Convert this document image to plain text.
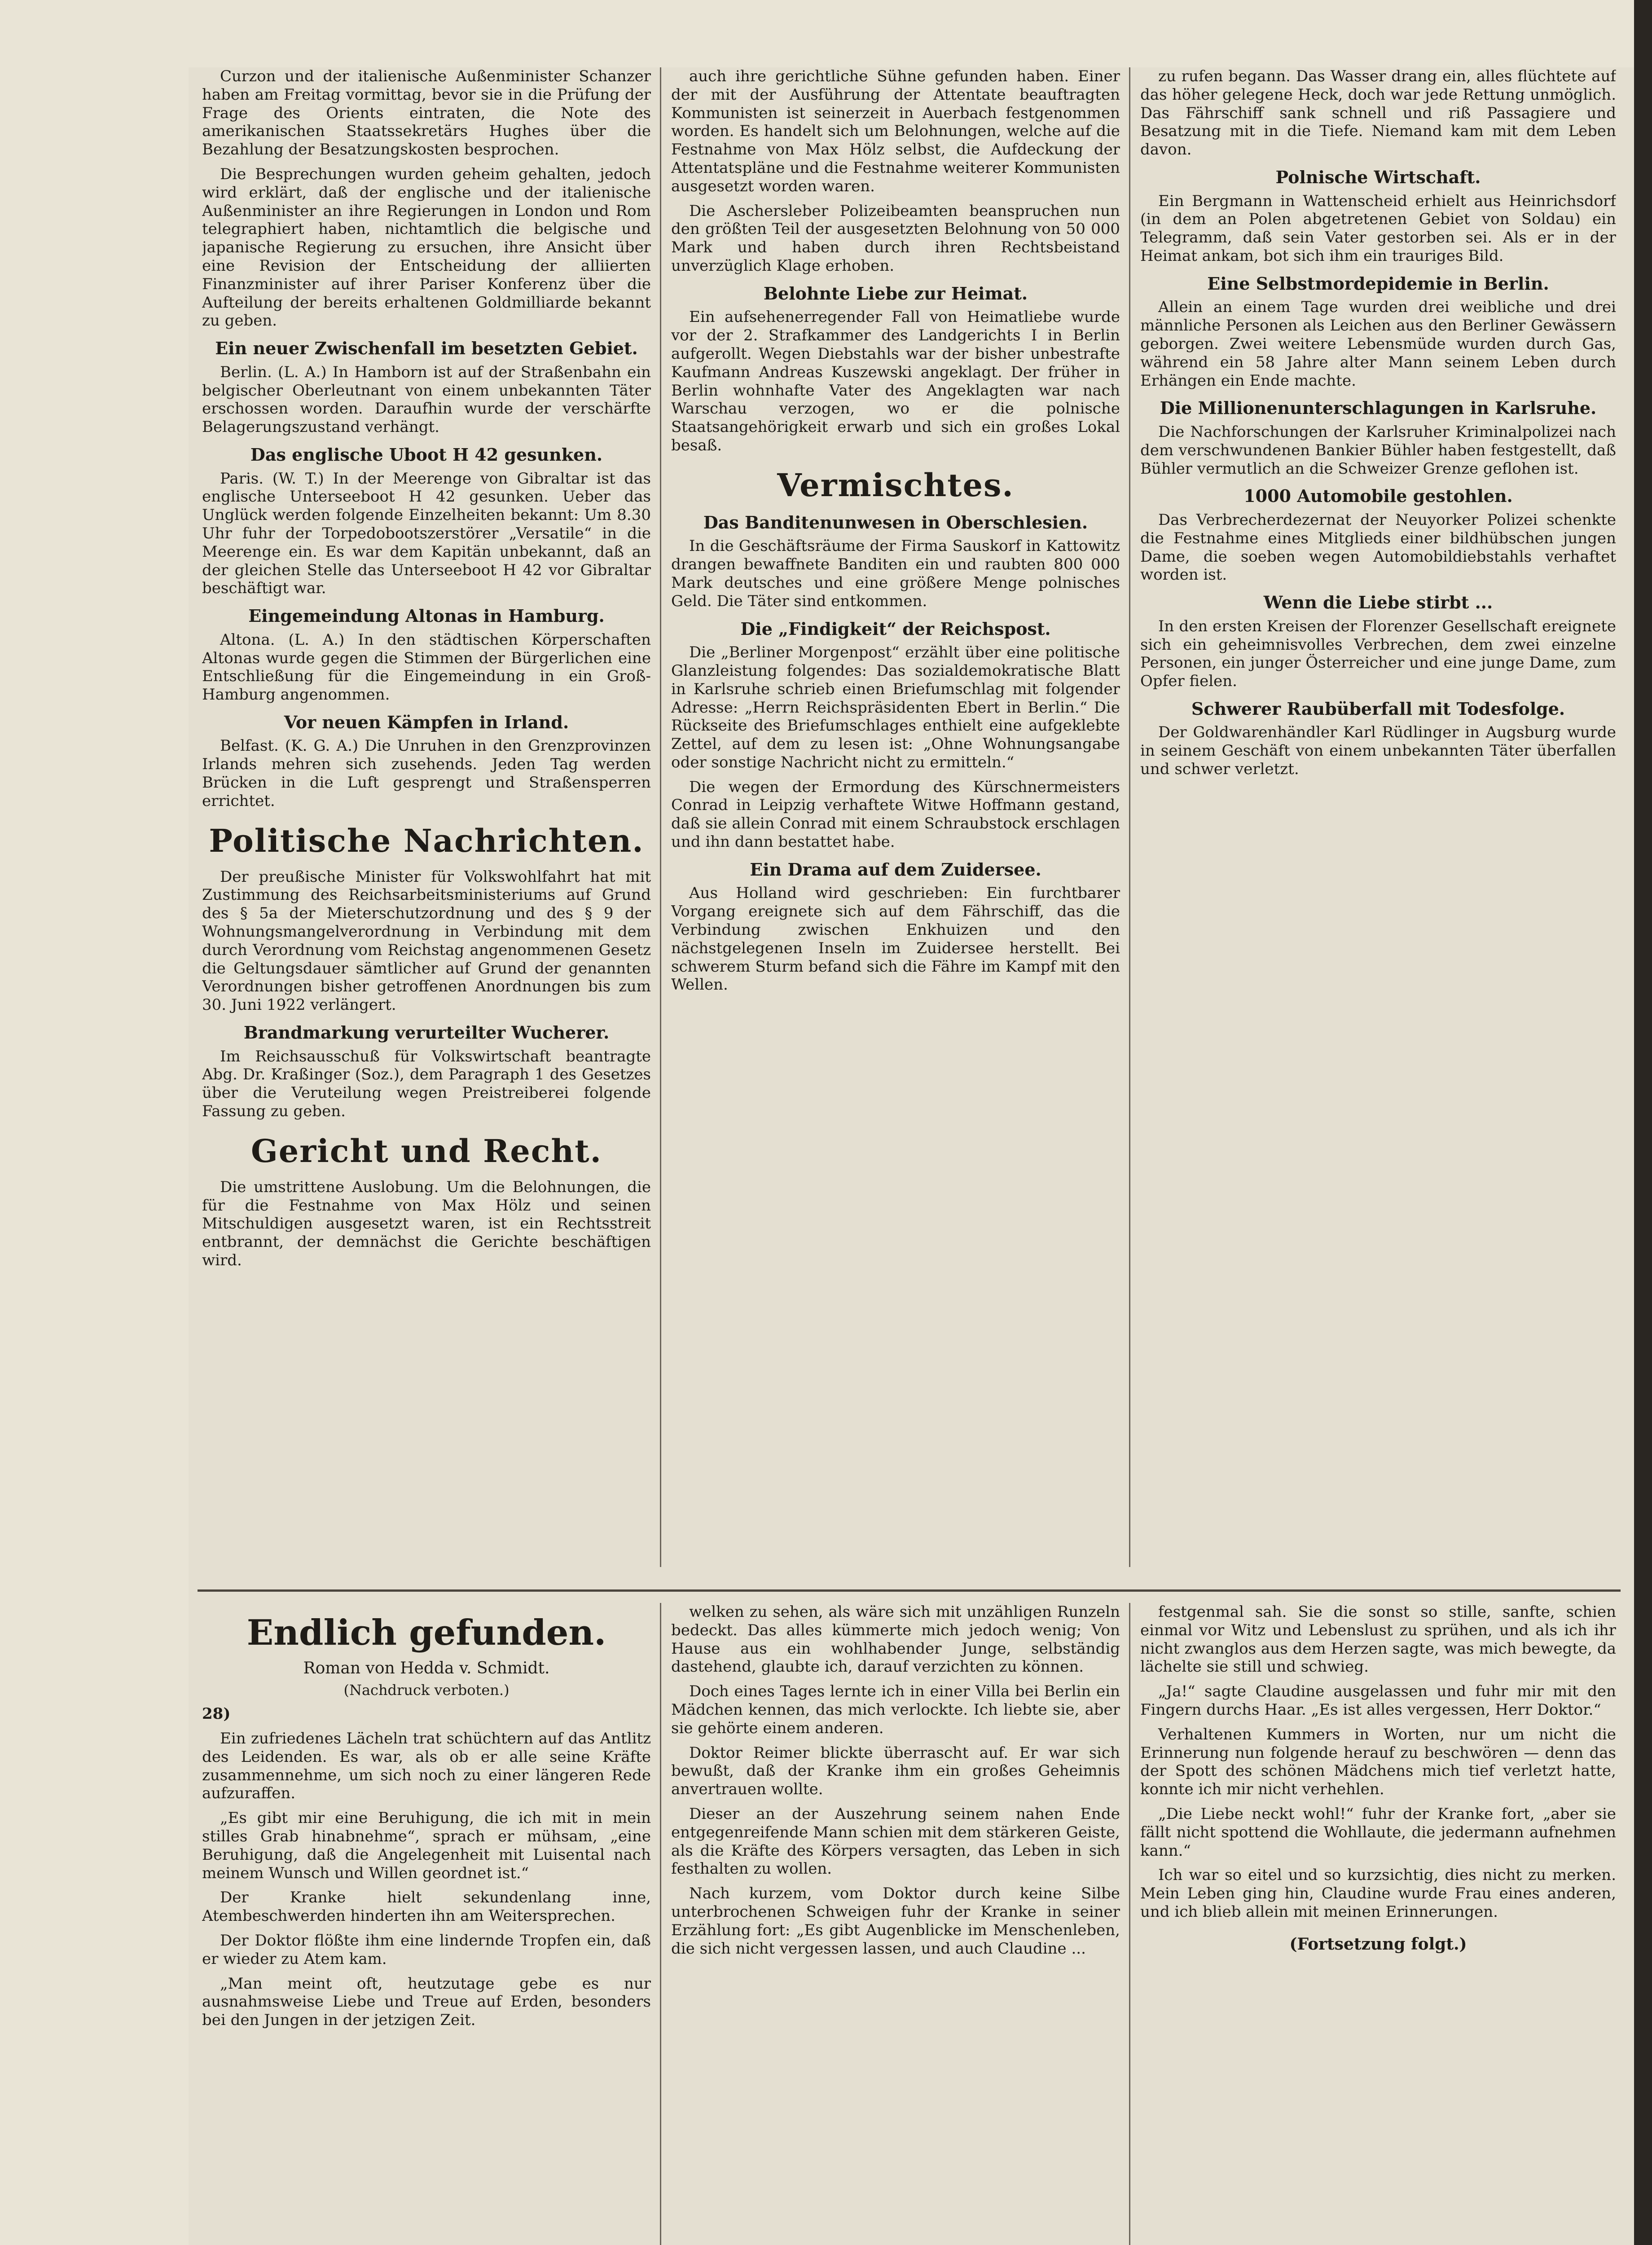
Curzon und der italienische Außenminister Schanzer haben am Freitag vormittag, bevor sie in die Prüfung der Frage des Orients eintraten, die Note des amerikanischen Staatssekretärs Hughes über die Bezahlung der Besatzungskosten besprochen.

Die Besprechungen wurden geheim gehalten, jedoch wird erklärt, daß der englische und der italienische Außenminister an ihre Regierungen in London und Rom telegraphiert haben, nichtamtlich die belgische und japanische Regierung zu ersuchen, ihre Ansicht über eine Revision der Entscheidung der alliierten Finanzminister auf ihrer Pariser Konferenz über die Aufteilung der bereits erhaltenen Goldmilliarde bekannt zu geben.

Ein neuer Zwischenfall im besetzten Gebiet.

Berlin. (L. A.) In Hamborn ist auf der Straßenbahn ein belgischer Oberleutnant von einem unbekannten Täter erschossen worden. Daraufhin wurde der verschärfte Belagerungszustand verhängt.

Das englische Uboot H 42 gesunken.

Paris. (W. T.) In der Meerenge von Gibraltar ist das englische Unterseeboot H 42 gesunken. Ueber das Unglück werden folgende Einzelheiten bekannt: Um 8.30 Uhr fuhr der Torpedobootszerstörer „Versatile“ in die Meerenge ein. Es war dem Kapitän unbekannt, daß an der gleichen Stelle das Unterseeboot H 42 vor Gibraltar beschäftigt war.

Eingemeindung Altonas in Hamburg.

Altona. (L. A.) In den städtischen Körperschaften Altonas wurde gegen die Stimmen der Bürgerlichen eine Entschließung für die Eingemeindung in ein Groß-Hamburg angenommen.

Vor neuen Kämpfen in Irland.

Belfast. (K. G. A.) Die Unruhen in den Grenzprovinzen Irlands mehren sich zusehends. Jeden Tag werden Brücken in die Luft gesprengt und Straßensperren errichtet.

Politische Nachrichten.

Der preußische Minister für Volkswohlfahrt hat mit Zustimmung des Reichsarbeitsministeriums auf Grund des § 5a der Mieterschutzordnung und des § 9 der Wohnungsmangelverordnung in Verbindung mit dem durch Verordnung vom Reichstag angenommenen Gesetz die Geltungsdauer sämtlicher auf Grund der genannten Verordnungen bisher getroffenen Anordnungen bis zum 30. Juni 1922 verlängert.

Brandmarkung verurteilter Wucherer.

Im Reichsausschuß für Volkswirtschaft beantragte Abg. Dr. Kraßinger (Soz.), dem Paragraph 1 des Gesetzes über die Veruteilung wegen Preistreiberei folgende Fassung zu geben.

Gericht und Recht.

Die umstrittene Auslobung. Um die Belohnungen, die für die Festnahme von Max Hölz und seinen Mitschuldigen ausgesetzt waren, ist ein Rechtsstreit entbrannt, der demnächst die Gerichte beschäftigen wird.

auch ihre gerichtliche Sühne gefunden haben. Einer der mit der Ausführung der Attentate beauftragten Kommunisten ist seinerzeit in Auerbach festgenommen worden. Es handelt sich um Belohnungen, welche auf die Festnahme von Max Hölz selbst, die Aufdeckung der Attentatspläne und die Festnahme weiterer Kommunisten ausgesetzt worden waren.

Die Aschersleber Polizeibeamten beanspruchen nun den größten Teil der ausgesetzten Belohnung von 50 000 Mark und haben durch ihren Rechtsbeistand unverzüglich Klage erhoben.

Belohnte Liebe zur Heimat.

Ein aufsehenerregender Fall von Heimatliebe wurde vor der 2. Strafkammer des Landgerichts I in Berlin aufgerollt. Wegen Diebstahls war der bisher unbestrafte Kaufmann Andreas Kuszewski angeklagt. Der früher in Berlin wohnhafte Vater des Angeklagten war nach Warschau verzogen, wo er die polnische Staatsangehörigkeit erwarb und sich ein großes Lokal besaß.

Vermischtes.
Das Banditenunwesen in Oberschlesien.

In die Geschäftsräume der Firma Sauskorf in Kattowitz drangen bewaffnete Banditen ein und raubten 800 000 Mark deutsches und eine größere Menge polnisches Geld. Die Täter sind entkommen.

Die „Findigkeit“ der Reichspost.

Die „Berliner Morgenpost“ erzählt über eine politische Glanzleistung folgendes: Das sozialdemokratische Blatt in Karlsruhe schrieb einen Briefumschlag mit folgender Adresse: „Herrn Reichspräsidenten Ebert in Berlin.“ Die Rückseite des Briefumschlages enthielt eine aufgeklebte Zettel, auf dem zu lesen ist: „Ohne Wohnungsangabe oder sonstige Nachricht nicht zu ermitteln.“

Die wegen der Ermordung des Kürschnermeisters Conrad in Leipzig verhaftete Witwe Hoffmann gestand, daß sie allein Conrad mit einem Schraubstock erschlagen und ihn dann bestattet habe.

Ein Drama auf dem Zuidersee.

Aus Holland wird geschrieben: Ein furchtbarer Vorgang ereignete sich auf dem Fährschiff, das die Verbindung zwischen Enkhuizen und den nächstgelegenen Inseln im Zuidersee herstellt. Bei schwerem Sturm befand sich die Fähre im Kampf mit den Wellen.

zu rufen begann. Das Wasser drang ein, alles flüchtete auf das höher gelegene Heck, doch war jede Rettung unmöglich. Das Fährschiff sank schnell und riß Passagiere und Besatzung mit in die Tiefe. Niemand kam mit dem Leben davon.

Polnische Wirtschaft.

Ein Bergmann in Wattenscheid erhielt aus Heinrichsdorf (in dem an Polen abgetretenen Gebiet von Soldau) ein Telegramm, daß sein Vater gestorben sei. Als er in der Heimat ankam, bot sich ihm ein trauriges Bild.

Eine Selbstmordepidemie in Berlin.

Allein an einem Tage wurden drei weibliche und drei männliche Personen als Leichen aus den Berliner Gewässern geborgen. Zwei weitere Lebensmüde wurden durch Gas, während ein 58 Jahre alter Mann seinem Leben durch Erhängen ein Ende machte.

Die Millionenunterschlagungen in Karlsruhe.

Die Nachforschungen der Karlsruher Kriminalpolizei nach dem verschwundenen Bankier Bühler haben festgestellt, daß Bühler vermutlich an die Schweizer Grenze geflohen ist.

1000 Automobile gestohlen.

Das Verbrecherdezernat der Neuyorker Polizei schenkte die Festnahme eines Mitglieds einer bildhübschen jungen Dame, die soeben wegen Automobildiebstahls verhaftet worden ist.

Wenn die Liebe stirbt ...

In den ersten Kreisen der Florenzer Gesellschaft ereignete sich ein geheimnisvolles Verbrechen, dem zwei einzelne Personen, ein junger Österreicher und eine junge Dame, zum Opfer fielen.

Schwerer Raubüberfall mit Todesfolge.

Der Goldwarenhändler Karl Rüdlinger in Augsburg wurde in seinem Geschäft von einem unbekannten Täter überfallen und schwer verletzt.

Endlich gefunden.
Roman von Hedda v. Schmidt.
(Nachdruck verboten.)

28)

Ein zufriedenes Lächeln trat schüchtern auf das Antlitz des Leidenden. Es war, als ob er alle seine Kräfte zusammennehme, um sich noch zu einer längeren Rede aufzuraffen.

„Es gibt mir eine Beruhigung, die ich mit in mein stilles Grab hinabnehme“, sprach er mühsam, „eine Beruhigung, daß die Angelegenheit mit Luisental nach meinem Wunsch und Willen geordnet ist.“

Der Kranke hielt sekundenlang inne, Atembeschwerden hinderten ihn am Weitersprechen.

Der Doktor flößte ihm eine lindernde Tropfen ein, daß er wieder zu Atem kam.

„Man meint oft, heutzutage gebe es nur ausnahmsweise Liebe und Treue auf Erden, besonders bei den Jungen in der jetzigen Zeit.

welken zu sehen, als wäre sich mit unzähligen Runzeln bedeckt. Das alles kümmerte mich jedoch wenig; Von Hause aus ein wohlhabender Junge, selbständig dastehend, glaubte ich, darauf verzichten zu können.

Doch eines Tages lernte ich in einer Villa bei Berlin ein Mädchen kennen, das mich verlockte. Ich liebte sie, aber sie gehörte einem anderen.

Doktor Reimer blickte überrascht auf. Er war sich bewußt, daß der Kranke ihm ein großes Geheimnis anvertrauen wollte.

Dieser an der Auszehrung seinem nahen Ende entgegenreifende Mann schien mit dem stärkeren Geiste, als die Kräfte des Körpers versagten, das Leben in sich festhalten zu wollen.

Nach kurzem, vom Doktor durch keine Silbe unterbrochenen Schweigen fuhr der Kranke in seiner Erzählung fort: „Es gibt Augenblicke im Menschenleben, die sich nicht vergessen lassen, und auch Claudine ...

festgenmal sah. Sie die sonst so stille, sanfte, schien einmal vor Witz und Lebenslust zu sprühen, und als ich ihr nicht zwanglos aus dem Herzen sagte, was mich bewegte, da lächelte sie still und schwieg.

„Ja!“ sagte Claudine ausgelassen und fuhr mir mit den Fingern durchs Haar. „Es ist alles vergessen, Herr Doktor.“

Verhaltenen Kummers in Worten, nur um nicht die Erinnerung nun folgende herauf zu beschwören — denn das der Spott des schönen Mädchens mich tief verletzt hatte, konnte ich mir nicht verhehlen.

„Die Liebe neckt wohl!“ fuhr der Kranke fort, „aber sie fällt nicht spottend die Wohllaute, die jedermann aufnehmen kann.“

Ich war so eitel und so kurzsichtig, dies nicht zu merken. Mein Leben ging hin, Claudine wurde Frau eines anderen, und ich blieb allein mit meinen Erinnerungen.

(Fortsetzung folgt.)
